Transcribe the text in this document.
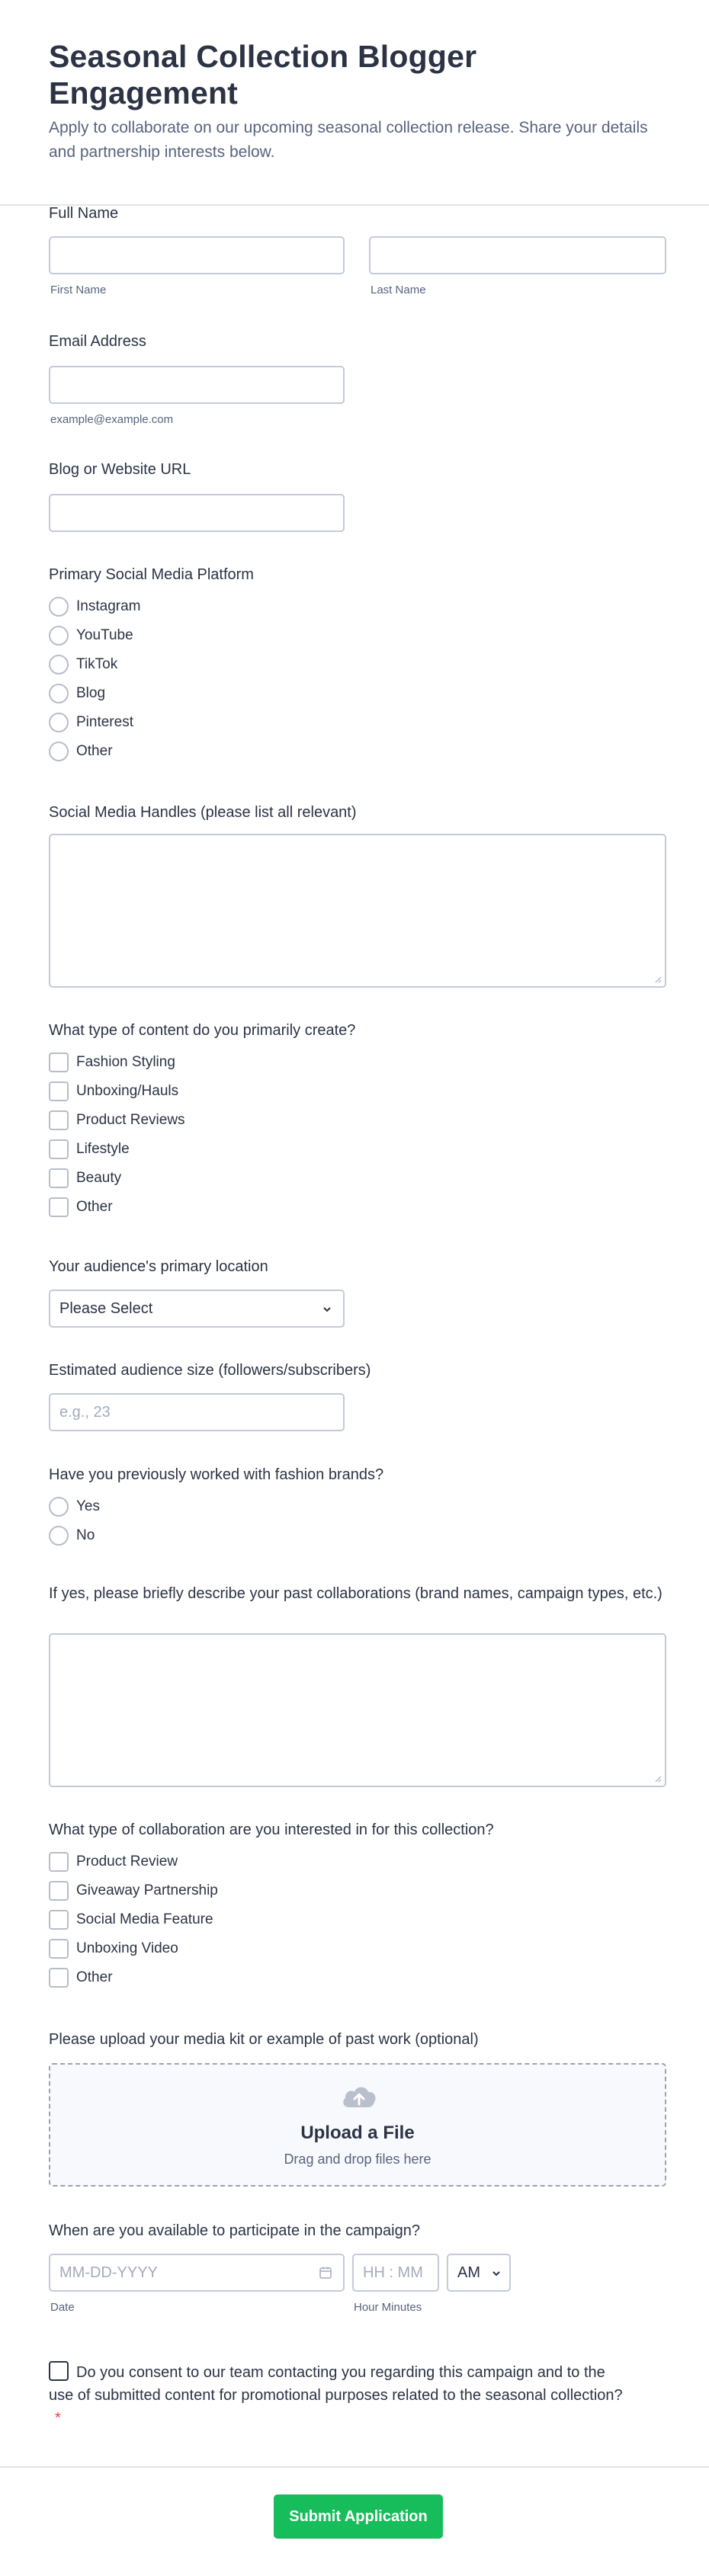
Seasonal Collection Blogger Engagement

Apply to collaborate on our upcoming seasonal collection release. Share your details and partnership interests below.

Full Name
First Name	Last Name
Email Address
example@example.com
Blog or Website URL
Primary Social Media Platform
Instagram
YouTube
TikTok
Blog
Pinterest
Other
Social Media Handles (please list all relevant)
What type of content do you primarily create?
Fashion Styling
Unboxing/Hauls
Product Reviews
Lifestyle
Beauty
Other
Your audience's primary location
Please Select
Estimated audience size (followers/subscribers)
e.g., 23
Have you previously worked with fashion brands?
Yes
No
If yes, please briefly describe your past collaborations (brand names, campaign types, etc.)
What type of collaboration are you interested in for this collection?
Product Review
Giveaway Partnership
Social Media Feature
Unboxing Video
Other
Please upload your media kit or example of past work (optional)
Upload a File
Drag and drop files here
When are you available to participate in the campaign?
MM-DD-YYYY	HH : MM AM
Date	Hour Minutes
Do you consent to our team contacting you regarding this campaign and to the use of submitted content for promotional purposes related to the seasonal collection?*
Submit Application
